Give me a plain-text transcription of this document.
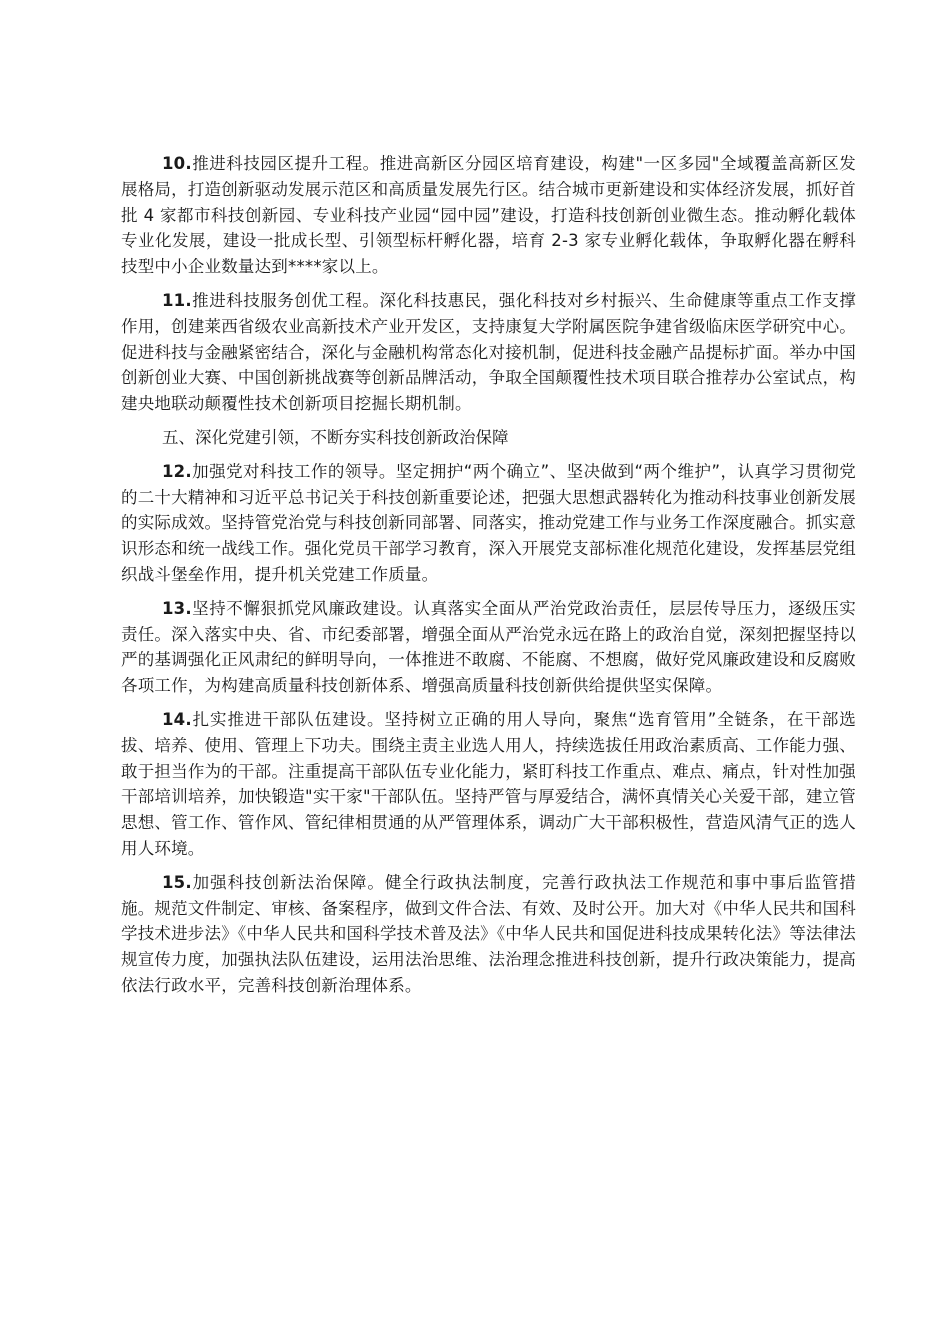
10.推进科技园区提升工程。推进高新区分园区培育建设，构建"一区多园"全域覆盖高新区发展格局，打造创新驱动发展示范区和高质量发展先行区。结合城市更新建设和实体经济发展，抓好首批 4 家都市科技创新园、专业科技产业园“园中园”建设，打造科技创新创业微生态。推动孵化载体专业化发展，建设一批成长型、引领型标杆孵化器，培育 2-3 家专业孵化载体，争取孵化器在孵科技型中小企业数量达到****家以上。

11.推进科技服务创优工程。深化科技惠民，强化科技对乡村振兴、生命健康等重点工作支撑作用，创建莱西省级农业高新技术产业开发区，支持康复大学附属医院争建省级临床医学研究中心。促进科技与金融紧密结合，深化与金融机构常态化对接机制，促进科技金融产品提标扩面。举办中国创新创业大赛、中国创新挑战赛等创新品牌活动，争取全国颠覆性技术项目联合推荐办公室试点，构建央地联动颠覆性技术创新项目挖掘长期机制。

五、深化党建引领，不断夯实科技创新政治保障

12.加强党对科技工作的领导。坚定拥护“两个确立”、坚决做到“两个维护”，认真学习贯彻党的二十大精神和习近平总书记关于科技创新重要论述，把强大思想武器转化为推动科技事业创新发展的实际成效。坚持管党治党与科技创新同部署、同落实，推动党建工作与业务工作深度融合。抓实意识形态和统一战线工作。强化党员干部学习教育，深入开展党支部标准化规范化建设，发挥基层党组织战斗堡垒作用，提升机关党建工作质量。

13.坚持不懈狠抓党风廉政建设。认真落实全面从严治党政治责任，层层传导压力，逐级压实责任。深入落实中央、省、市纪委部署，增强全面从严治党永远在路上的政治自觉，深刻把握坚持以严的基调强化正风肃纪的鲜明导向，一体推进不敢腐、不能腐、不想腐，做好党风廉政建设和反腐败各项工作，为构建高质量科技创新体系、增强高质量科技创新供给提供坚实保障。

14.扎实推进干部队伍建设。坚持树立正确的用人导向，聚焦“选育管用”全链条，在干部选拔、培养、使用、管理上下功夫。围绕主责主业选人用人，持续选拔任用政治素质高、工作能力强、敢于担当作为的干部。注重提高干部队伍专业化能力，紧盯科技工作重点、难点、痛点，针对性加强干部培训培养，加快锻造"实干家"干部队伍。坚持严管与厚爱结合，满怀真情关心关爱干部，建立管思想、管工作、管作风、管纪律相贯通的从严管理体系，调动广大干部积极性，营造风清气正的选人用人环境。

15.加强科技创新法治保障。健全行政执法制度，完善行政执法工作规范和事中事后监管措施。规范文件制定、审核、备案程序，做到文件合法、有效、及时公开。加大对《中华人民共和国科学技术进步法》《中华人民共和国科学技术普及法》《中华人民共和国促进科技成果转化法》等法律法规宣传力度，加强执法队伍建设，运用法治思维、法治理念推进科技创新，提升行政决策能力，提高依法行政水平，完善科技创新治理体系。
